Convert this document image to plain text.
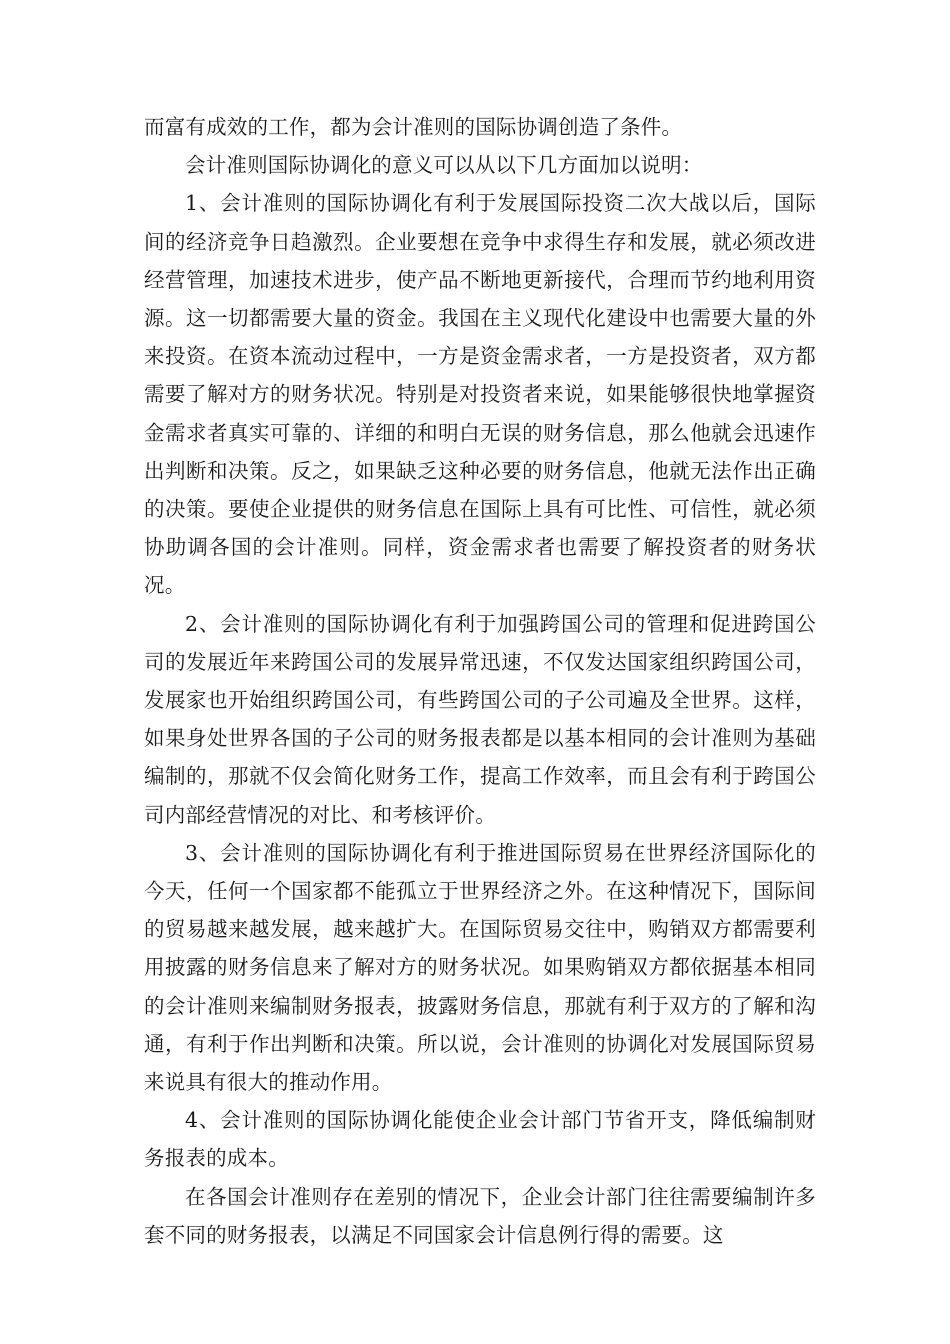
而富有成效的工作，都为会计准则的国际协调创造了条件。

会计准则国际协调化的意义可以从以下几方面加以说明：

1、会计准则的国际协调化有利于发展国际投资二次大战以后，国际间的经济竞争日趋激烈。企业要想在竞争中求得生存和发展，就必须改进经营管理，加速技术进步，使产品不断地更新接代，合理而节约地利用资源。这一切都需要大量的资金。我国在主义现代化建设中也需要大量的外来投资。在资本流动过程中，一方是资金需求者，一方是投资者，双方都需要了解对方的财务状况。特别是对投资者来说，如果能够很快地掌握资金需求者真实可靠的、详细的和明白无误的财务信息，那么他就会迅速作出判断和决策。反之，如果缺乏这种必要的财务信息，他就无法作出正确的决策。要使企业提供的财务信息在国际上具有可比性、可信性，就必须协助调各国的会计准则。同样，资金需求者也需要了解投资者的财务状况。

2、会计准则的国际协调化有利于加强跨国公司的管理和促进跨国公司的发展近年来跨国公司的发展异常迅速，不仅发达国家组织跨国公司，发展家也开始组织跨国公司，有些跨国公司的子公司遍及全世界。这样，如果身处世界各国的子公司的财务报表都是以基本相同的会计准则为基础编制的，那就不仅会简化财务工作，提高工作效率，而且会有利于跨国公司内部经营情况的对比、和考核评价。

3、会计准则的国际协调化有利于推进国际贸易在世界经济国际化的今天，任何一个国家都不能孤立于世界经济之外。在这种情况下，国际间的贸易越来越发展，越来越扩大。在国际贸易交往中，购销双方都需要利用披露的财务信息来了解对方的财务状况。如果购销双方都依据基本相同的会计准则来编制财务报表，披露财务信息，那就有利于双方的了解和沟通，有利于作出判断和决策。所以说，会计准则的协调化对发展国际贸易来说具有很大的推动作用。

4、会计准则的国际协调化能使企业会计部门节省开支，降低编制财务报表的成本。

在各国会计准则存在差别的情况下，企业会计部门往往需要编制许多套不同的财务报表，以满足不同国家会计信息例行得的需要。这
